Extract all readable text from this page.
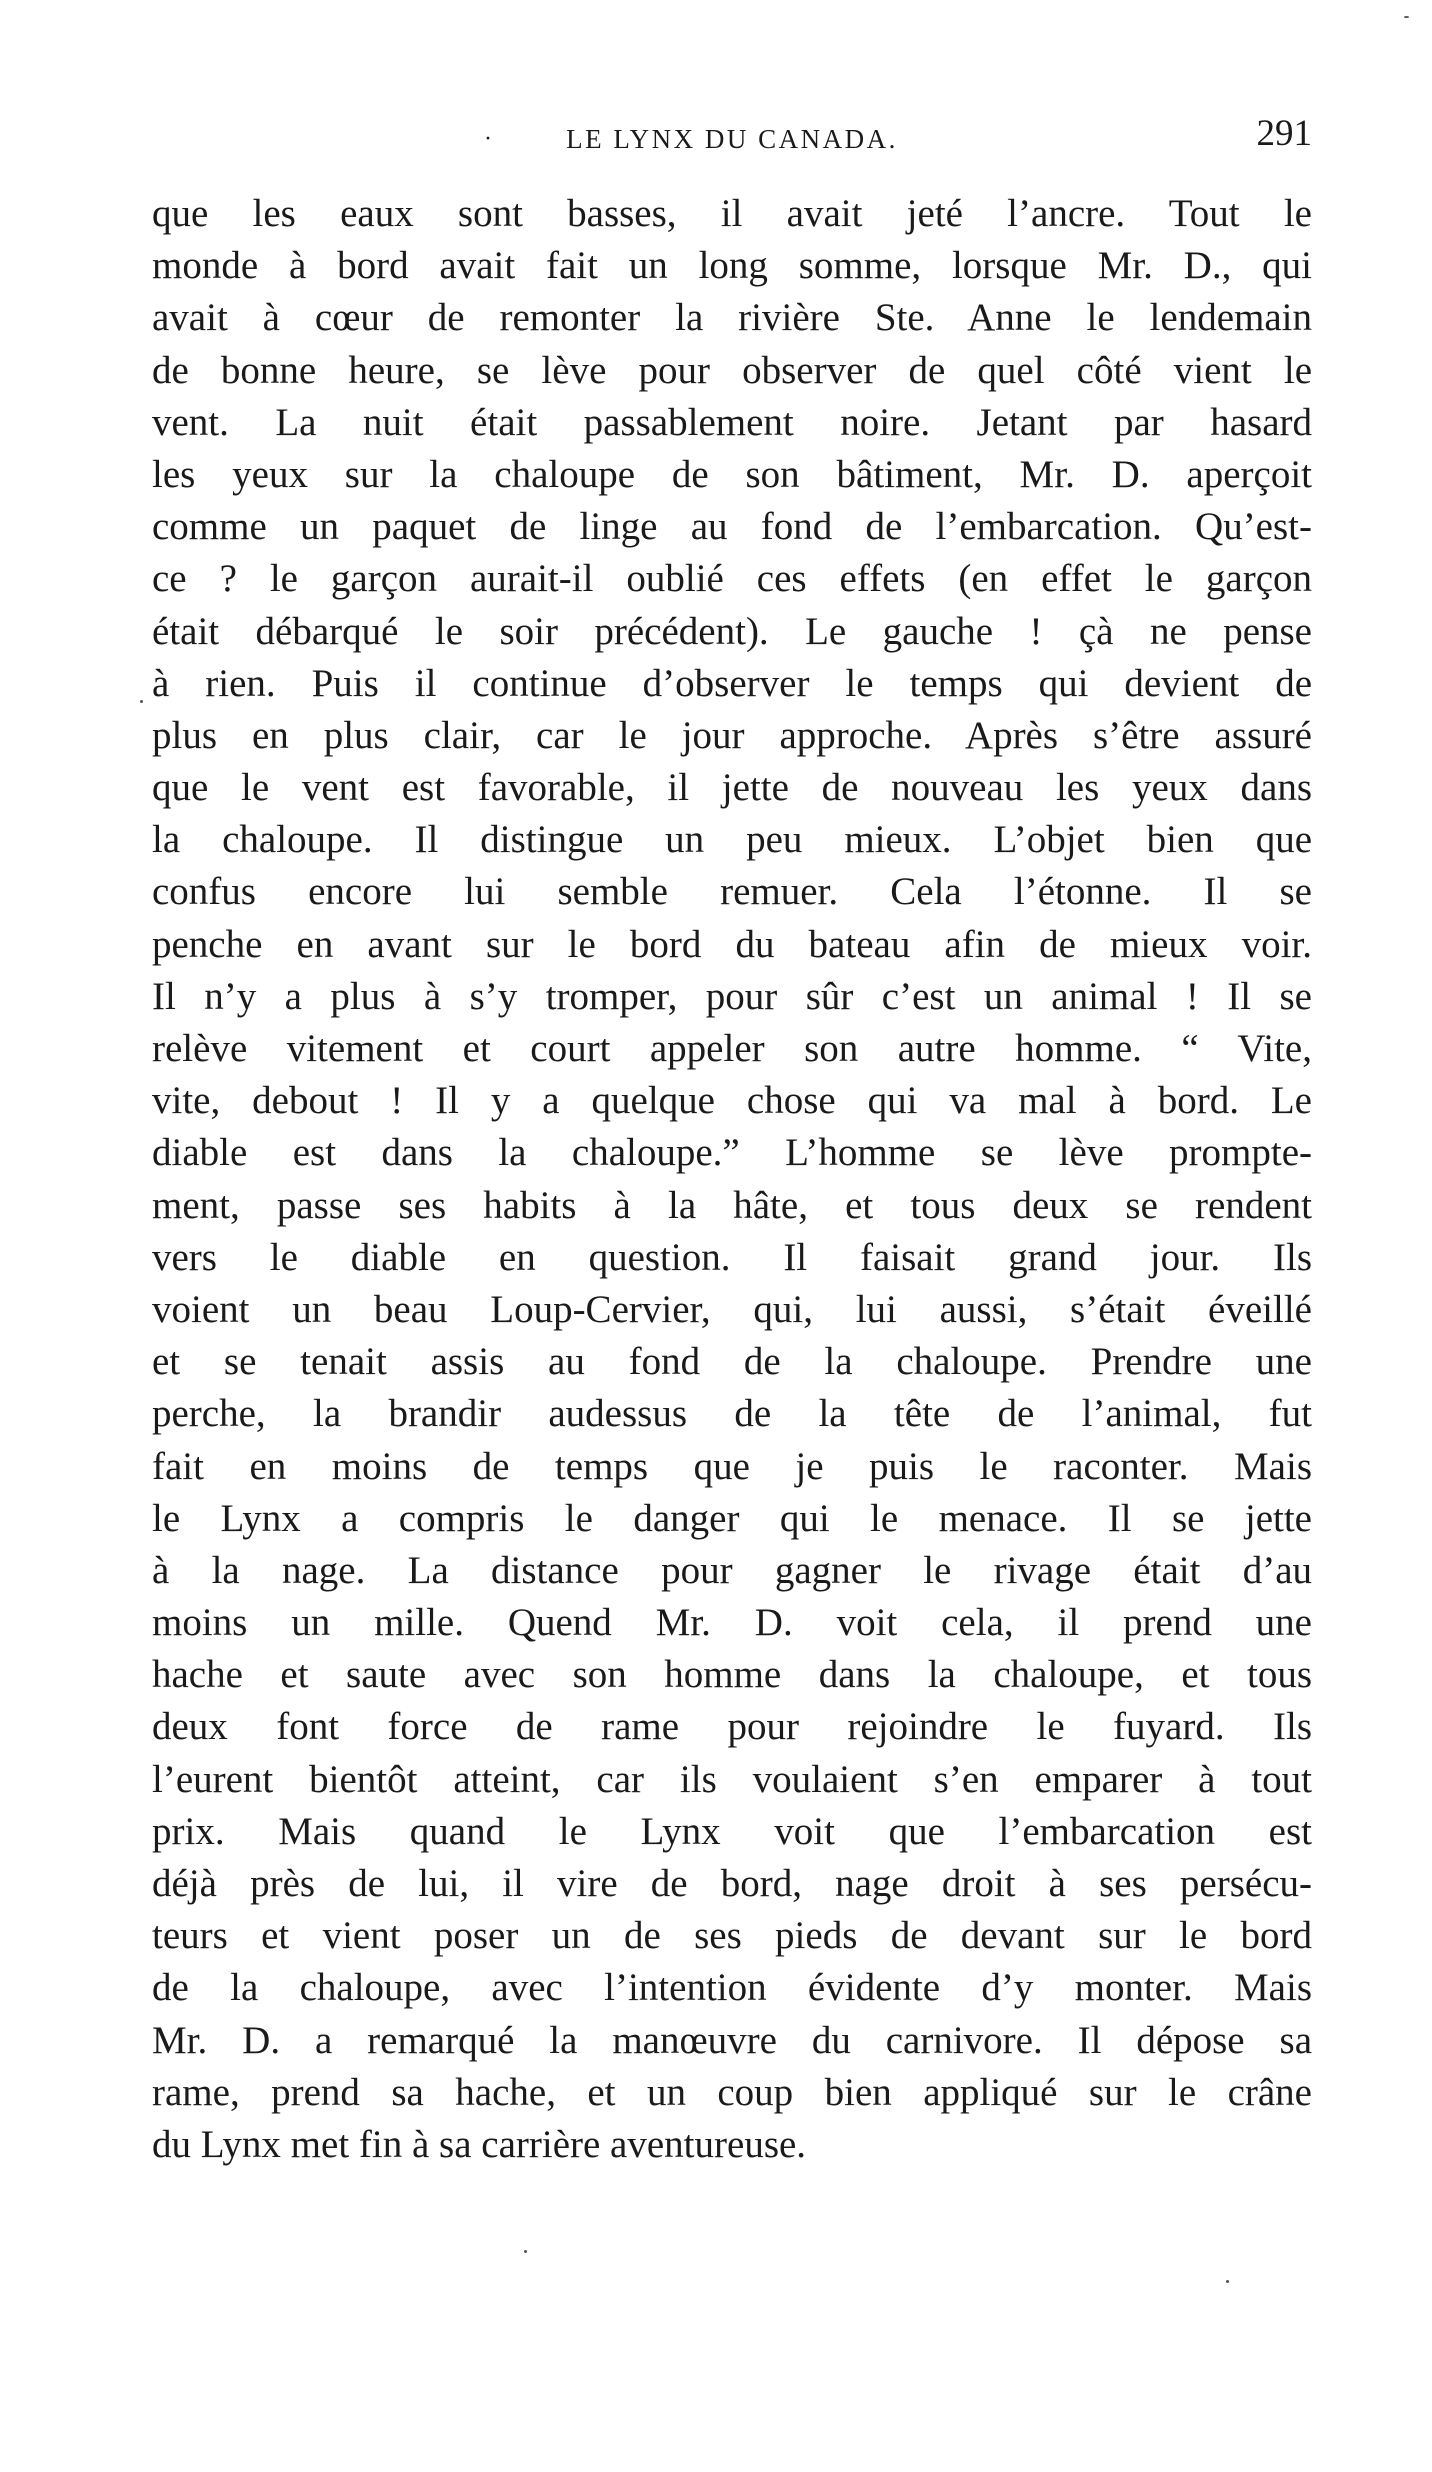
·	LE LYNX DU CANADA.	291
que les eaux sont basses, il avait jeté l’ancre. Tout le
monde à bord avait fait un long somme, lorsque Mr. D., qui
avait à cœur de remonter la rivière Ste. Anne le lendemain
de bonne heure, se lève pour observer de quel côté vient le
vent. La nuit était passablement noire. Jetant par hasard
les yeux sur la chaloupe de son bâtiment, Mr. D. aperçoit
comme un paquet de linge au fond de l’embarcation. Qu’est-
ce ? le garçon aurait-il oublié ces effets (en effet le garçon
était débarqué le soir précédent). Le gauche ! çà ne pense
à rien. Puis il continue d’observer le temps qui devient de
plus en plus clair, car le jour approche. Après s’être assuré
que le vent est favorable, il jette de nouveau les yeux dans
la chaloupe. Il distingue un peu mieux. L’objet bien que
confus encore lui semble remuer. Cela l’étonne. Il se
penche en avant sur le bord du bateau afin de mieux voir.
Il n’y a plus à s’y tromper, pour sûr c’est un animal ! Il se
relève vitement et court appeler son autre homme. “ Vite,
vite, debout ! Il y a quelque chose qui va mal à bord. Le
diable est dans la chaloupe.” L’homme se lève prompte-
ment, passe ses habits à la hâte, et tous deux se rendent
vers le diable en question. Il faisait grand jour. Ils
voient un beau Loup-Cervier, qui, lui aussi, s’était éveillé
et se tenait assis au fond de la chaloupe. Prendre une
perche, la brandir audessus de la tête de l’animal, fut
fait en moins de temps que je puis le raconter. Mais
le Lynx a compris le danger qui le menace. Il se jette
à la nage. La distance pour gagner le rivage était d’au
moins un mille. Quend Mr. D. voit cela, il prend une
hache et saute avec son homme dans la chaloupe, et tous
deux font force de rame pour rejoindre le fuyard. Ils
l’eurent bientôt atteint, car ils voulaient s’en emparer à tout
prix. Mais quand le Lynx voit que l’embarcation est
déjà près de lui, il vire de bord, nage droit à ses persécu-
teurs et vient poser un de ses pieds de devant sur le bord
de la chaloupe, avec l’intention évidente d’y monter. Mais
Mr. D. a remarqué la manœuvre du carnivore. Il dépose sa
rame, prend sa hache, et un coup bien appliqué sur le crâne
du Lynx met fin à sa carrière aventureuse.
